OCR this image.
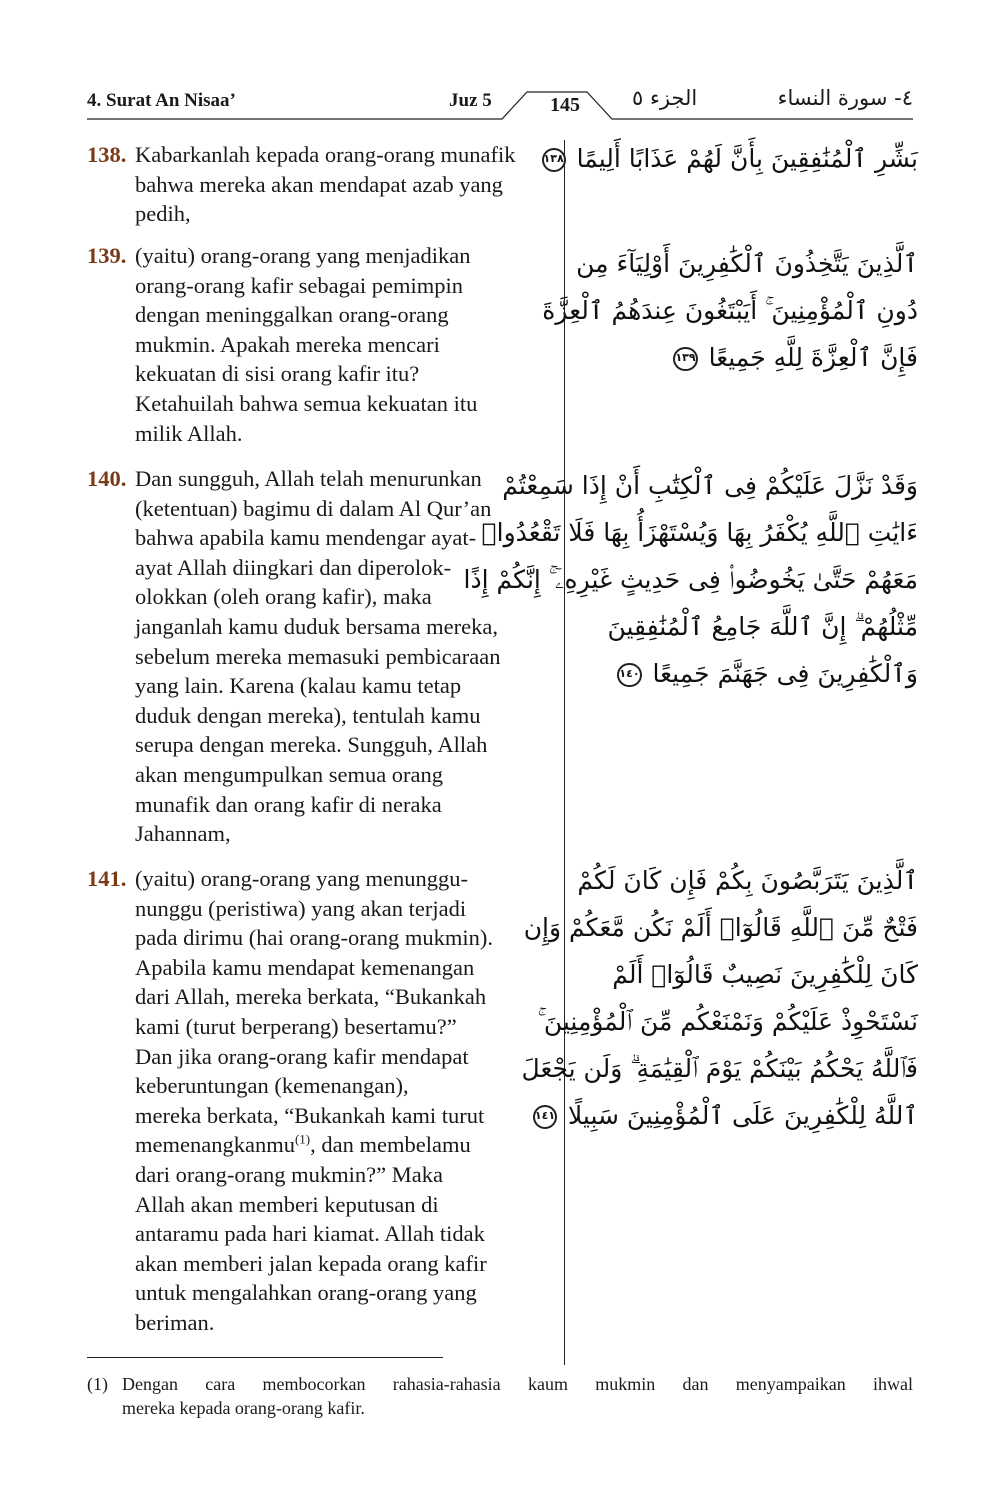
4. Surat An Nisaa’	Juz 5	145	الجزء ٥	٤- سورة النساء
138. Kabarkanlah kepada orang-orang munafik
bahwa mereka akan mendapat azab yang
pedih,
بَشِّرِ ٱلْمُنَٰفِقِينَ بِأَنَّ لَهُمْ عَذَابًا أَلِيمًا ١٣٨
139. (yaitu) orang-orang yang menjadikan
orang-orang kafir sebagai pemimpin
dengan meninggalkan orang-orang
mukmin. Apakah mereka mencari
kekuatan di sisi orang kafir itu?
Ketahuilah bahwa semua kekuatan itu
milik Allah.
ٱلَّذِينَ يَتَّخِذُونَ ٱلْكَٰفِرِينَ أَوْلِيَآءَ مِن
دُونِ ٱلْمُؤْمِنِينَ ۚ أَيَبْتَغُونَ عِندَهُمُ ٱلْعِزَّةَ
فَإِنَّ ٱلْعِزَّةَ لِلَّهِ جَمِيعًا ١٣٩
140. Dan sungguh, Allah telah menurunkan
(ketentuan) bagimu di dalam Al Qur’an
bahwa apabila kamu mendengar ayat-
ayat Allah diingkari dan diperolok-
olokkan (oleh orang kafir), maka
janganlah kamu duduk bersama mereka,
sebelum mereka memasuki pembicaraan
yang lain. Karena (kalau kamu tetap
duduk dengan mereka), tentulah kamu
serupa dengan mereka. Sungguh, Allah
akan mengumpulkan semua orang
munafik dan orang kafir di neraka
Jahannam,
وَقَدْ نَزَّلَ عَلَيْكُمْ فِى ٱلْكِتَٰبِ أَنْ إِذَا سَمِعْتُمْ
ءَايَٰتِ ٱللَّهِ يُكْفَرُ بِهَا وَيُسْتَهْزَأُ بِهَا فَلَا تَقْعُدُوا۟
مَعَهُمْ حَتَّىٰ يَخُوضُوا۟ فِى حَدِيثٍ غَيْرِهِۦٓ ۚ إِنَّكُمْ إِذًا
مِّثْلُهُمْ ۗ إِنَّ ٱللَّهَ جَامِعُ ٱلْمُنَٰفِقِينَ
وَٱلْكَٰفِرِينَ فِى جَهَنَّمَ جَمِيعًا ١٤٠
141. (yaitu) orang-orang yang menunggu-
nunggu (peristiwa) yang akan terjadi
pada dirimu (hai orang-orang mukmin).
Apabila kamu mendapat kemenangan
dari Allah, mereka berkata, “Bukankah
kami (turut berperang) besertamu?”
Dan jika orang-orang kafir mendapat
keberuntungan (kemenangan),
mereka berkata, “Bukankah kami turut
memenangkanmu$^{(1)}$, dan membelamu
dari orang-orang mukmin?” Maka
Allah akan memberi keputusan di
antaramu pada hari kiamat. Allah tidak
akan memberi jalan kepada orang kafir
untuk mengalahkan orang-orang yang
beriman.
ٱلَّذِينَ يَتَرَبَّصُونَ بِكُمْ فَإِن كَانَ لَكُمْ
فَتْحٌ مِّنَ ٱللَّهِ قَالُوٓا۟ أَلَمْ نَكُن مَّعَكُمْ وَإِن
كَانَ لِلْكَٰفِرِينَ نَصِيبٌ قَالُوٓا۟ أَلَمْ
نَسْتَحْوِذْ عَلَيْكُمْ وَنَمْنَعْكُم مِّنَ ٱلْمُؤْمِنِينَ ۚ
فَٱللَّهُ يَحْكُمُ بَيْنَكُمْ يَوْمَ ٱلْقِيَٰمَةِ ۗ وَلَن يَجْعَلَ
ٱللَّهُ لِلْكَٰفِرِينَ عَلَى ٱلْمُؤْمِنِينَ سَبِيلًا ١٤١
(1) Dengan cara membocorkan rahasia-rahasia kaum mukmin dan menyampaikan ihwal
mereka kepada orang-orang kafir.
